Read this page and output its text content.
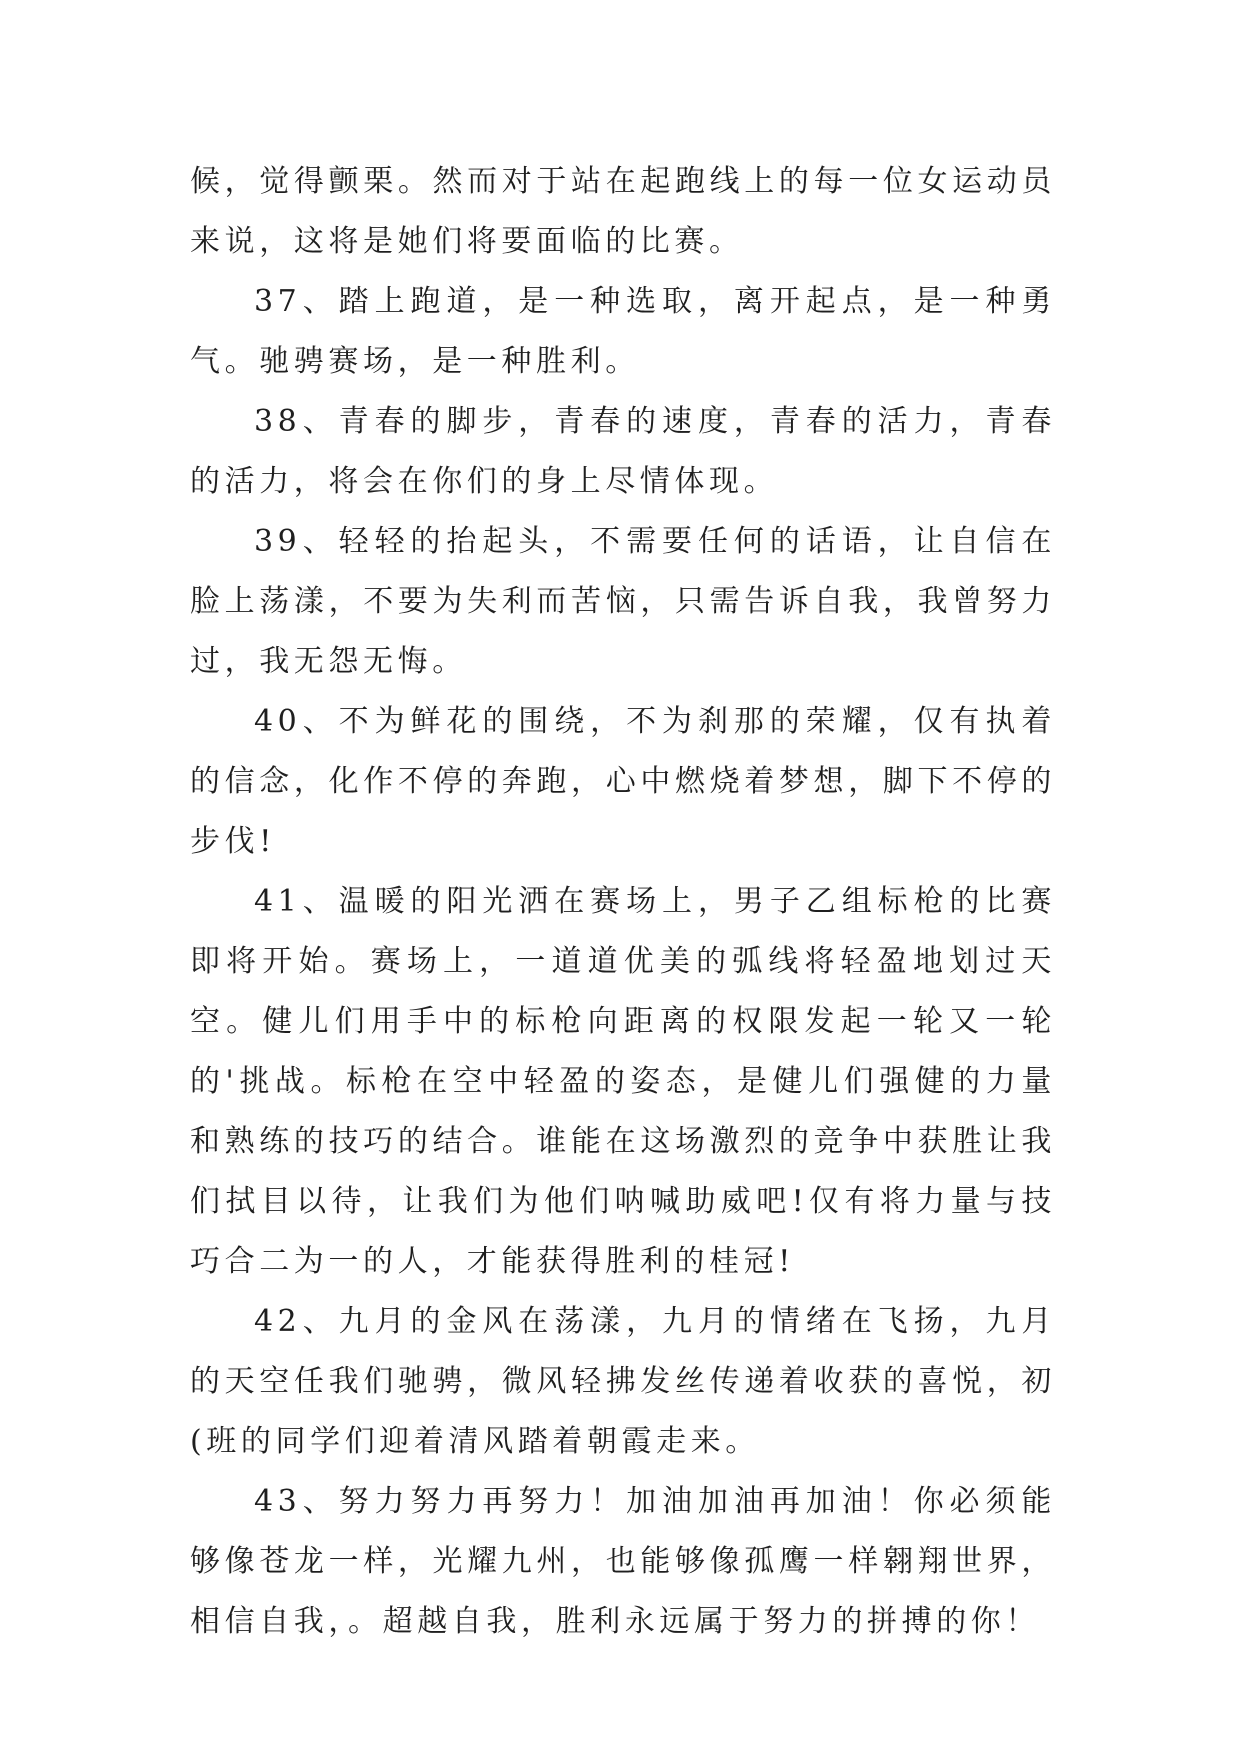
候，觉得颤栗。然而对于站在起跑线上的每一位女运动员来说，这将是她们将要面临的比赛。

37、踏上跑道，是一种选取，离开起点，是一种勇气。驰骋赛场，是一种胜利。

38、青春的脚步，青春的速度，青春的活力，青春的活力，将会在你们的身上尽情体现。

39、轻轻的抬起头，不需要任何的话语，让自信在脸上荡漾，不要为失利而苦恼，只需告诉自我，我曾努力过，我无怨无悔。

40、不为鲜花的围绕，不为刹那的荣耀，仅有执着的信念，化作不停的奔跑，心中燃烧着梦想，脚下不停的步伐!

41、温暖的阳光洒在赛场上，男子乙组标枪的比赛即将开始。赛场上，一道道优美的弧线将轻盈地划过天空。健儿们用手中的标枪向距离的权限发起一轮又一轮的'挑战。标枪在空中轻盈的姿态，是健儿们强健的力量和熟练的技巧的结合。谁能在这场激烈的竞争中获胜让我们拭目以待，让我们为他们呐喊助威吧!仅有将力量与技巧合二为一的人，才能获得胜利的桂冠!

42、九月的金风在荡漾，九月的情绪在飞扬，九月的天空任我们驰骋，微风轻拂发丝传递着收获的喜悦，初(班的同学们迎着清风踏着朝霞走来。

43、努力努力再努力！加油加油再加油！你必须能够像苍龙一样，光耀九州，也能够像孤鹰一样翱翔世界，相信自我，。超越自我，胜利永远属于努力的拼搏的你！
